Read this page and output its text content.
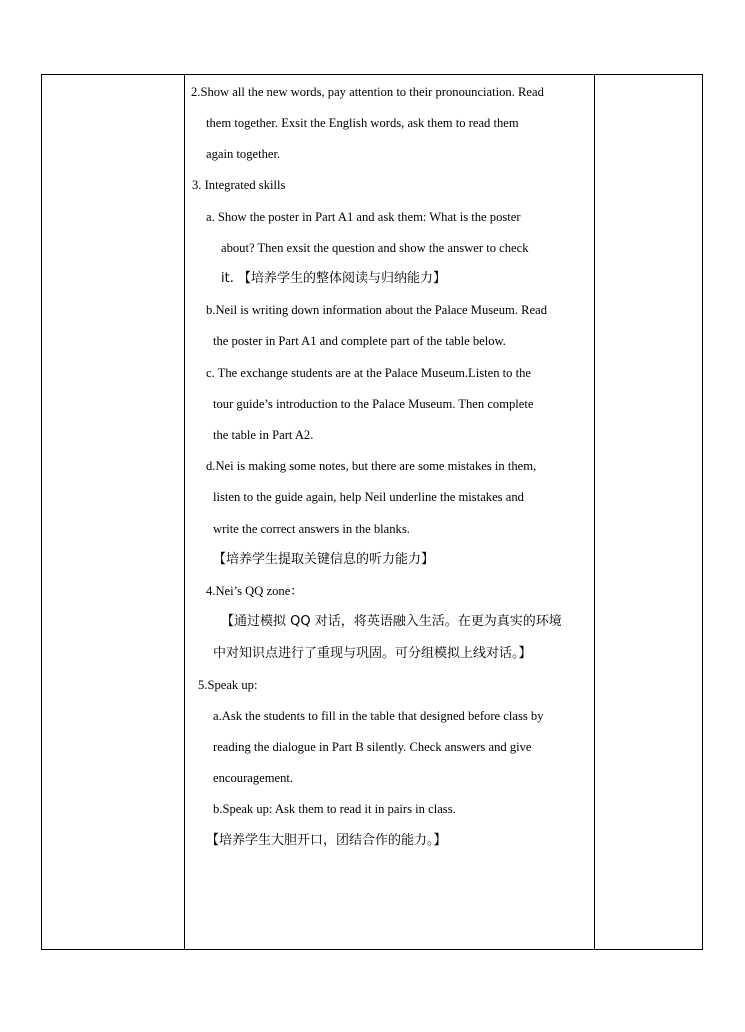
2.Show all the new words, pay attention to their pronounciation. Read
them together. Exsit the English words, ask them to read them
again together.
3. Integrated skills
a. Show the poster in Part A1 and ask them: What is the poster
about? Then exsit the question and show the answer to check
it. 【培养学生的整体阅读与归纳能力】
b.Neil is writing down information about the Palace Museum. Read
the poster in Part A1 and complete part of the table below.
c. The exchange students are at the Palace Museum.Listen to the
tour guide’s introduction to the Palace Museum. Then complete
the table in Part A2.
d.Nei is making some notes, but there are some mistakes in them,
listen to the guide again, help Neil underline the mistakes and
write the correct answers in the blanks.
【培养学生提取关键信息的听力能力】
4.Nei’s QQ zone：
【通过模拟 QQ 对话，将英语融入生活。在更为真实的环境
中对知识点进行了重现与巩固。可分组模拟上线对话。】
5.Speak up:
a.Ask the students to fill in the table that designed before class by
reading the dialogue in Part B silently. Check answers and give
encouragement.
b.Speak up: Ask them to read it in pairs in class.
【培养学生大胆开口，团结合作的能力。】
